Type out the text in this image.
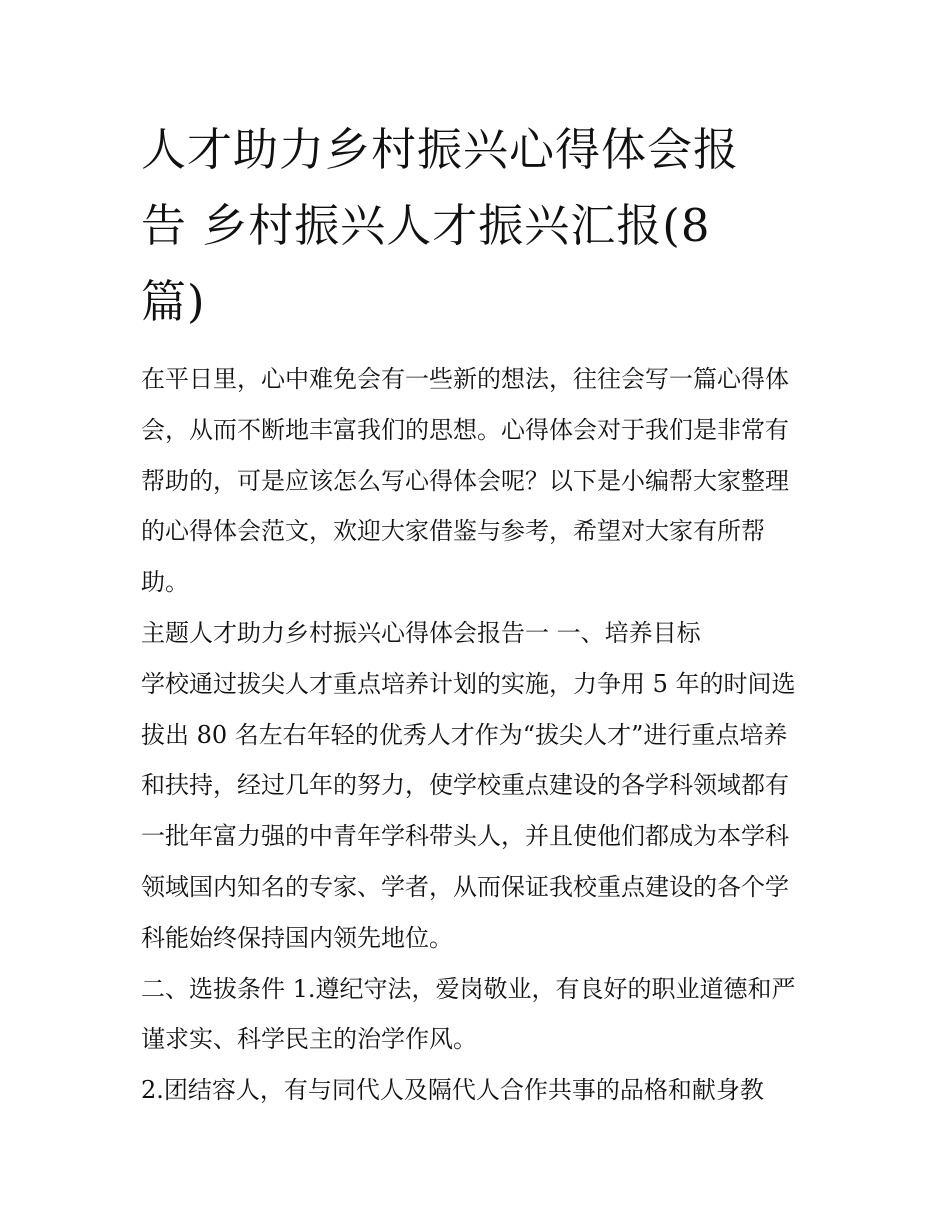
人才助力乡村振兴心得体会报
告 乡村振兴人才振兴汇报(8
篇)
在平日里，心中难免会有一些新的想法，往往会写一篇心得体
会，从而不断地丰富我们的思想。心得体会对于我们是非常有
帮助的，可是应该怎么写心得体会呢？以下是小编帮大家整理
的心得体会范文，欢迎大家借鉴与参考，希望对大家有所帮
助。
主题人才助力乡村振兴心得体会报告一 一、培养目标
学校通过拔尖人才重点培养计划的实施，力争用 5 年的时间选
拔出 80 名左右年轻的优秀人才作为“拔尖人才”进行重点培养
和扶持，经过几年的努力，使学校重点建设的各学科领域都有
一批年富力强的中青年学科带头人，并且使他们都成为本学科
领域国内知名的专家、学者，从而保证我校重点建设的各个学
科能始终保持国内领先地位。
二、选拔条件 1.遵纪守法，爱岗敬业，有良好的职业道德和严
谨求实、科学民主的治学作风。
2.团结容人，有与同代人及隔代人合作共事的品格和献身教
